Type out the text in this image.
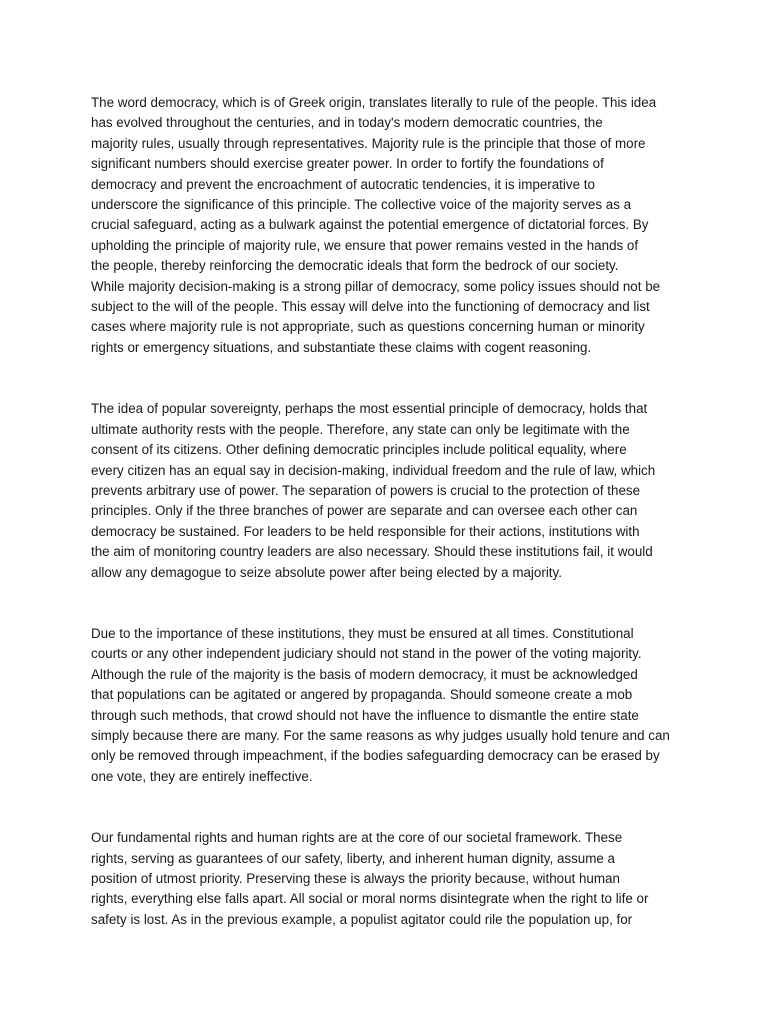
The word democracy, which is of Greek origin, translates literally to rule of the people. This idea
has evolved throughout the centuries, and in today's modern democratic countries, the
majority rules, usually through representatives. Majority rule is the principle that those of more
significant numbers should exercise greater power. In order to fortify the foundations of
democracy and prevent the encroachment of autocratic tendencies, it is imperative to
underscore the significance of this principle. The collective voice of the majority serves as a
crucial safeguard, acting as a bulwark against the potential emergence of dictatorial forces. By
upholding the principle of majority rule, we ensure that power remains vested in the hands of
the people, thereby reinforcing the democratic ideals that form the bedrock of our society.
While majority decision-making is a strong pillar of democracy, some policy issues should not be
subject to the will of the people. This essay will delve into the functioning of democracy and list
cases where majority rule is not appropriate, such as questions concerning human or minority
rights or emergency situations, and substantiate these claims with cogent reasoning.

The idea of popular sovereignty, perhaps the most essential principle of democracy, holds that
ultimate authority rests with the people. Therefore, any state can only be legitimate with the
consent of its citizens. Other defining democratic principles include political equality, where
every citizen has an equal say in decision-making, individual freedom and the rule of law, which
prevents arbitrary use of power. The separation of powers is crucial to the protection of these
principles. Only if the three branches of power are separate and can oversee each other can
democracy be sustained. For leaders to be held responsible for their actions, institutions with
the aim of monitoring country leaders are also necessary. Should these institutions fail, it would
allow any demagogue to seize absolute power after being elected by a majority.

Due to the importance of these institutions, they must be ensured at all times. Constitutional
courts or any other independent judiciary should not stand in the power of the voting majority.
Although the rule of the majority is the basis of modern democracy, it must be acknowledged
that populations can be agitated or angered by propaganda. Should someone create a mob
through such methods, that crowd should not have the influence to dismantle the entire state
simply because there are many. For the same reasons as why judges usually hold tenure and can
only be removed through impeachment, if the bodies safeguarding democracy can be erased by
one vote, they are entirely ineffective.

Our fundamental rights and human rights are at the core of our societal framework. These
rights, serving as guarantees of our safety, liberty, and inherent human dignity, assume a
position of utmost priority. Preserving these is always the priority because, without human
rights, everything else falls apart. All social or moral norms disintegrate when the right to life or
safety is lost. As in the previous example, a populist agitator could rile the population up, for
